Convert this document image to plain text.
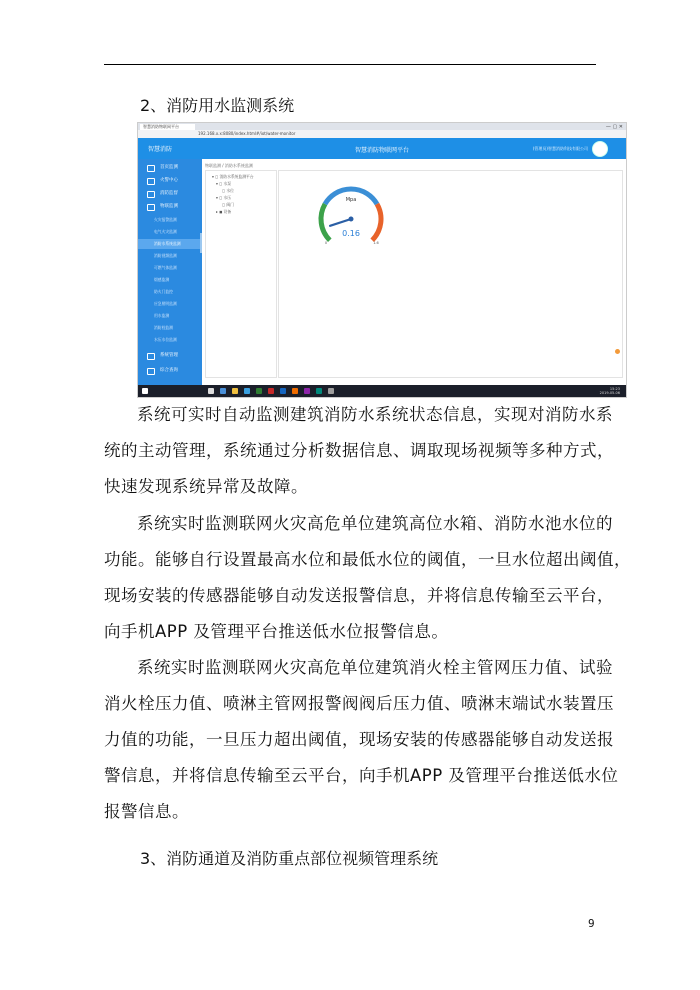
2、消防用水监测系统
智慧消防物联网平台	— ▢ ✕
192.168.x.x:8080/index.html#/iot/water-monitor
智慧消防	智慧消防物联网平台	(管理员)智慧消防科技有限公司
首页监测
火警中心
消防监督
物联监测
火灾报警监测
电气火灾监测
消防水系统监测
消防视频监测
可燃气体监测
烟感监测
防火门监控
应急照明监测
用水监测
消防栓监测
水压水位监测
系统管理
综合查询
物联监测 / 消防水系统监测
▾ ◻ 消防水系统监测平台
▾ ◻ 水泵
◻ 水位
▾ ◻ 水压
◻ 阀门
▸ ◼ 设备
Mpa
0.16
0	1.6
15:23
2019-05-06
系统可实时自动监测建筑消防水系统状态信息，实现对消防水系
统的主动管理，系统通过分析数据信息、调取现场视频等多种方式，
快速发现系统异常及故障。
系统实时监测联网火灾高危单位建筑高位水箱、消防水池水位的
功能。能够自行设置最高水位和最低水位的阈值，一旦水位超出阈值，
现场安装的传感器能够自动发送报警信息，并将信息传输至云平台，
向手机APP 及管理平台推送低水位报警信息。
系统实时监测联网火灾高危单位建筑消火栓主管网压力值、试验
消火栓压力值、喷淋主管网报警阀阀后压力值、喷淋末端试水装置压
力值的功能，一旦压力超出阈值，现场安装的传感器能够自动发送报
警信息，并将信息传输至云平台，向手机APP 及管理平台推送低水位
报警信息。
3、消防通道及消防重点部位视频管理系统
9
